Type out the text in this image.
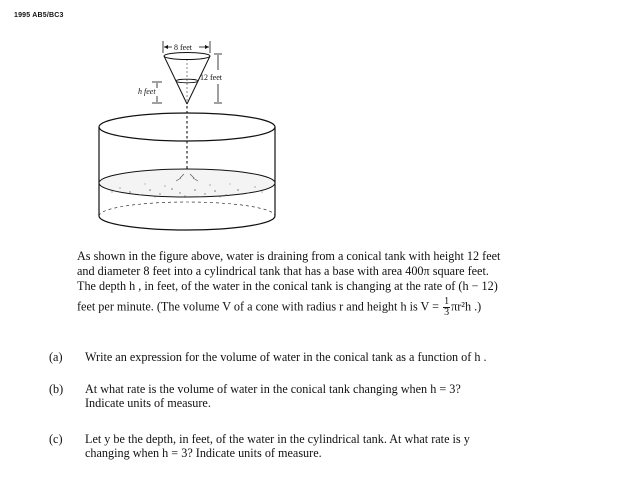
1995 AB5/BC3
8 feet
12 feet
h feet

As shown in the figure above, water is draining from a conical tank with height 12 feet

and diameter 8 feet into a cylindrical tank that has a base with area 400π square feet.

The depth h , in feet, of the water in the conical tank is changing at the rate of (h − 12)

feet per minute. (The volume V of a cone with radius r and height h is $V = \frac{1}{3} \pi r^2h$ .)

(a)	Write an expression for the volume of water in the conical tank as a function of h .
(b)	At what rate is the volume of water in the conical tank changing when h = 3?
Indicate units of measure.
(c)	Let y be the depth, in feet, of the water in the cylindrical tank. At what rate is y
changing when h = 3? Indicate units of measure.
